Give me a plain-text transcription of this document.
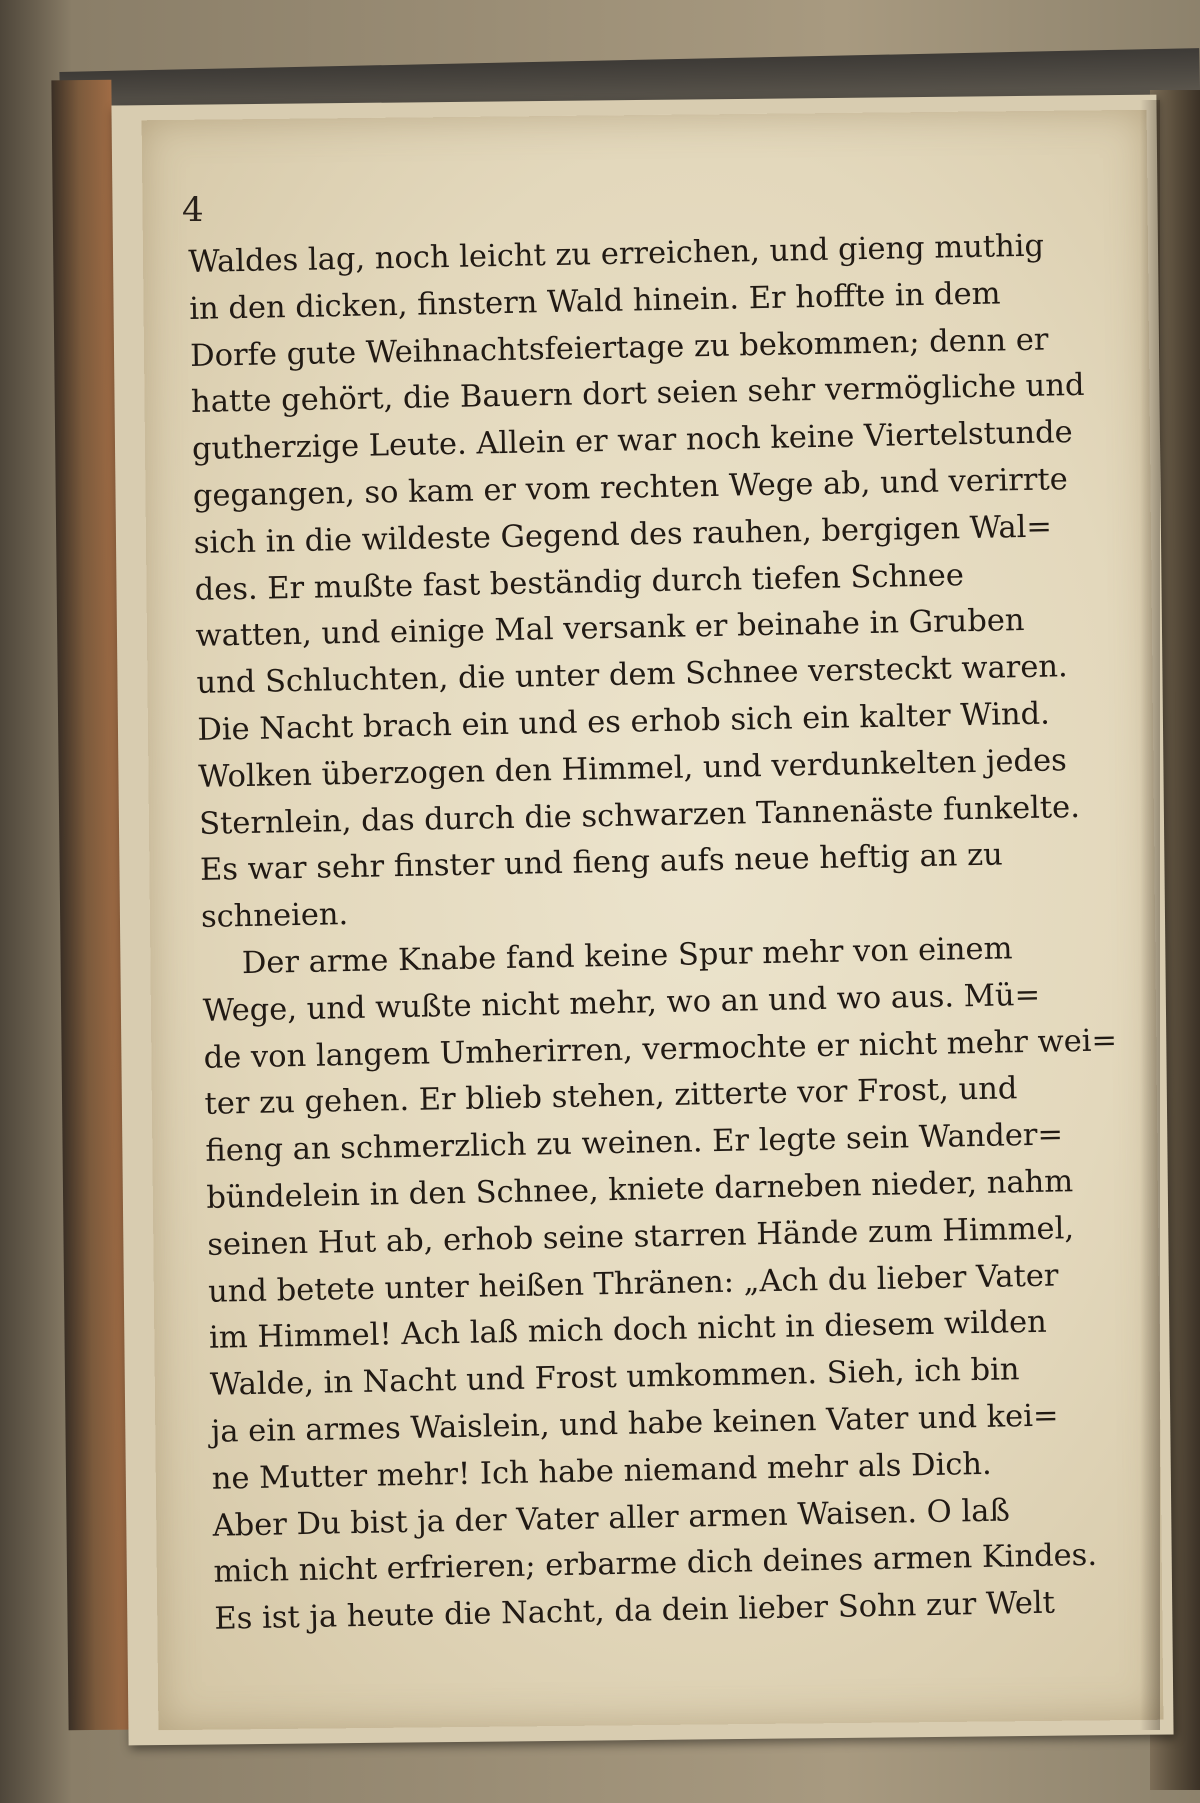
4
Waldes lag, noch leicht zu erreichen, und gieng muthig
in den dicken, finstern Wald hinein. Er hoffte in dem
Dorfe gute Weihnachtsfeiertage zu bekommen; denn er
hatte gehört, die Bauern dort seien sehr vermögliche und
gutherzige Leute. Allein er war noch keine Viertelstunde
gegangen, so kam er vom rechten Wege ab, und verirrte
sich in die wildeste Gegend des rauhen, bergigen Wal=
des. Er mußte fast beständig durch tiefen Schnee
watten, und einige Mal versank er beinahe in Gruben
und Schluchten, die unter dem Schnee versteckt waren.
Die Nacht brach ein und es erhob sich ein kalter Wind.
Wolken überzogen den Himmel, und verdunkelten jedes
Sternlein, das durch die schwarzen Tannenäste funkelte.
Es war sehr finster und fieng aufs neue heftig an zu
schneien.
Der arme Knabe fand keine Spur mehr von einem
Wege, und wußte nicht mehr, wo an und wo aus. Mü=
de von langem Umherirren, vermochte er nicht mehr wei=
ter zu gehen. Er blieb stehen, zitterte vor Frost, und
fieng an schmerzlich zu weinen. Er legte sein Wander=
bündelein in den Schnee, kniete darneben nieder, nahm
seinen Hut ab, erhob seine starren Hände zum Himmel,
und betete unter heißen Thränen: „Ach du lieber Vater
im Himmel! Ach laß mich doch nicht in diesem wilden
Walde, in Nacht und Frost umkommen. Sieh, ich bin
ja ein armes Waislein, und habe keinen Vater und kei=
ne Mutter mehr! Ich habe niemand mehr als Dich.
Aber Du bist ja der Vater aller armen Waisen. O laß
mich nicht erfrieren; erbarme dich deines armen Kindes.
Es ist ja heute die Nacht, da dein lieber Sohn zur Welt
